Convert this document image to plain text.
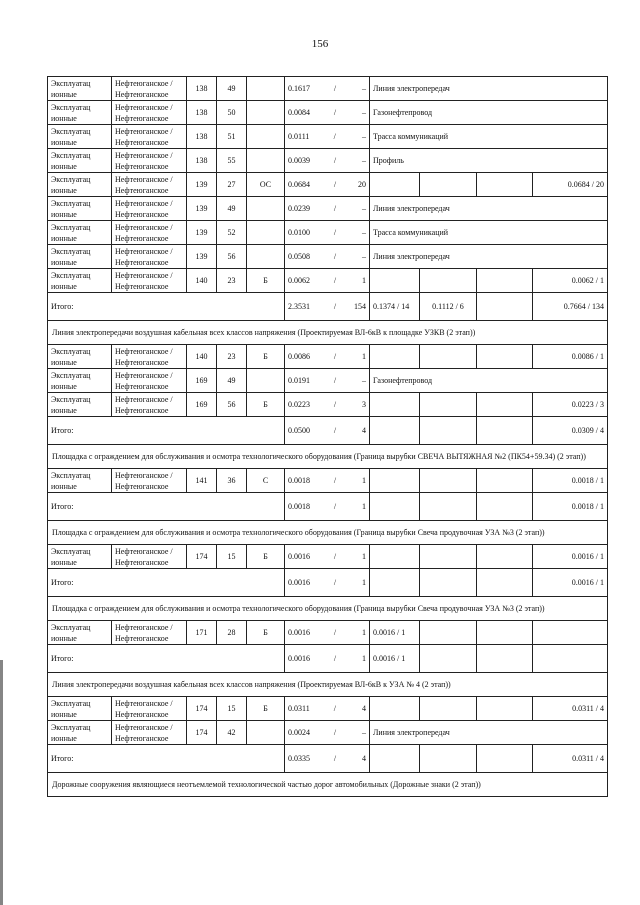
156
Эксплуатац ионные	Нефтеюганское / Нефтеюганское	138	49		0.1617 / –	Линия электропередач			
Эксплуатац ионные	Нефтеюганское / Нефтеюганское	138	50		0.0084 / –	Газонефтепровод			
Эксплуатац ионные	Нефтеюганское / Нефтеюганское	138	51		0.0111 / –	Трасса коммуникаций			
Эксплуатац ионные	Нефтеюганское / Нефтеюганское	138	55		0.0039 / –	Профиль			
Эксплуатац ионные	Нефтеюганское / Нефтеюганское	139	27	ОС	0.0684 / 20				0.0684 / 20
Эксплуатац ионные	Нефтеюганское / Нефтеюганское	139	49		0.0239 / –	Линия электропередач			
Эксплуатац ионные	Нефтеюганское / Нефтеюганское	139	52		0.0100 / –	Трасса коммуникаций			
Эксплуатац ионные	Нефтеюганское / Нефтеюганское	139	56		0.0508 / –	Линия электропередач			
Эксплуатац ионные	Нефтеюганское / Нефтеюганское	140	23	Б	0.0062 / 1				0.0062 / 1
Итого:					2.3531 / 154	0.1374 / 14	0.1112 / 6		0.7664 / 134
Линия электропередачи воздушная кабельная всех классов напряжения (Проектируемая ВЛ-6кВ к площадке УЗКВ (2 этап))									
Эксплуатац ионные	Нефтеюганское / Нефтеюганское	140	23	Б	0.0086 / 1				0.0086 / 1
Эксплуатац ионные	Нефтеюганское / Нефтеюганское	169	49		0.0191 / –	Газонефтепровод			
Эксплуатац ионные	Нефтеюганское / Нефтеюганское	169	56	Б	0.0223 / 3				0.0223 / 3
Итого:					0.0500 / 4				0.0309 / 4
Площадка с ограждением для обслуживания и осмотра технологического оборудования (Граница вырубки СВЕЧА ВЫТЯЖНАЯ №2 (ПК54+59.34) (2 этап))									
Эксплуатац ионные	Нефтеюганское / Нефтеюганское	141	36	С	0.0018 / 1				0.0018 / 1
Итого:					0.0018 / 1				0.0018 / 1
Площадка с ограждением для обслуживания и осмотра технологического оборудования (Граница вырубки Свеча продувочная УЗА №3 (2 этап))									
Эксплуатац ионные	Нефтеюганское / Нефтеюганское	174	15	Б	0.0016 / 1				0.0016 / 1
Итого:					0.0016 / 1				0.0016 / 1
Площадка с ограждением для обслуживания и осмотра технологического оборудования (Граница вырубки Свеча продувочная УЗА №3 (2 этап))									
Эксплуатац ионные	Нефтеюганское / Нефтеюганское	171	28	Б	0.0016 / 1	0.0016 / 1			
Итого:					0.0016 / 1	0.0016 / 1			
Линия электропередачи воздушная кабельная всех классов напряжения (Проектируемая ВЛ-6кВ к УЗА № 4 (2 этап))									
Эксплуатац ионные	Нефтеюганское / Нефтеюганское	174	15	Б	0.0311 / 4				0.0311 / 4
Эксплуатац ионные	Нефтеюганское / Нефтеюганское	174	42		0.0024 / –	Линия электропередач			
Итого:					0.0335 / 4				0.0311 / 4
Дорожные сооружения являющиеся неотъемлемой технологической частью дорог автомобильных (Дорожные знаки (2 этап))									
